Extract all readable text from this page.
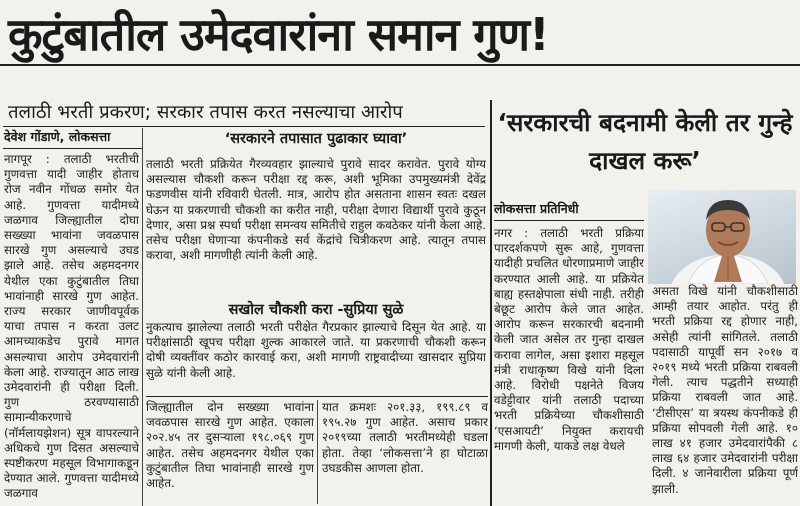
कुटुंबातील उमेदवारांना समान गुण!
तलाठी भरती प्रकरण; सरकार तपास करत नसल्याचा आरोप
देवेश गोंडाणे, लोकसत्ता
नागपूर : तलाठी भरतीची गुणवत्ता यादी जाहीर होताच रोज नवीन गोंधळ समोर येत आहे. गुणवत्ता यादीमध्ये जळगाव जिल्ह्यातील दोघा सख्ख्या भावांना जवळपास सारखे गुण असल्याचे उघड झाले आहे. तसेच अहमदनगर येथील एका कुटुंबातील तिघा भावांनाही सारखे गुण आहेत. राज्य सरकार जाणीवपूर्वक याचा तपास न करता उलट आमच्याकडेच पुरावे मागत असल्याचा आरोप उमेदवारांनी केला आहे. राज्यातून आठ लाख उमेदवारांनी ही परीक्षा दिली. गुण ठरवण्यासाठी सामान्यीकरणाचे (नॉर्मलायझेशन) सूत्र वापरल्याने अधिकचे गुण दिसत असल्याचे स्पष्टीकरण महसूल विभागाकडून देण्यात आले. गुणवत्ता यादीमध्ये जळगाव
‘सरकारने तपासात पुढाकार घ्यावा’
तलाठी भरती प्रक्रियेत गैरव्यवहार झाल्याचे पुरावे सादर करावेत. पुरावे योग्य असल्यास चौकशी करून परीक्षा रद्द करू, अशी भूमिका उपमुख्यमंत्री देवेंद्र फडणवीस यांनी रविवारी घेतली. मात्र, आरोप होत असताना शासन स्वतः दखल घेऊन या प्रकरणाची चौकशी का करीत नाही, परीक्षा देणारा विद्यार्थी पुरावे कुठून देणार, असा प्रश्न स्पर्धा परीक्षा समन्वय समितीचे राहुल कवठेकर यांनी केला आहे. तसेच परीक्षा घेणाऱ्या कंपनीकडे सर्व केंद्रांचे चित्रीकरण आहे. त्यातून तपास करावा, अशी मागणीही त्यांनी केली आहे.
सखोल चौकशी करा -सुप्रिया सुळे
नुकत्याच झालेल्या तलाठी भरती परीक्षेत गैरप्रकार झाल्याचे दिसून येत आहे. या परीक्षांसाठी खूपच परीक्षा शुल्क आकारले जाते. या प्रकरणाची चौकशी करून दोषी व्यक्तींवर कठोर कारवाई करा, अशी मागणी राष्ट्रवादीच्या खासदार सुप्रिया सुळे यांनी केली आहे.
जिल्ह्यातील दोन सख्ख्या भावांना जवळपास सारखे गुण आहेत. एकाला २०२.४५ तर दुसऱ्याला १९८.०६९ गुण आहेत. तसेच अहमदनगर येथील एका कुटुंबातील तिघा भावांनाही सारखे गुण आहेत.
यात क्रमशः २०१.३३, १९९.८९ व १९५.२७ गुण आहेत. असाच प्रकार २०१९च्या तलाठी भरतीमध्येही घडला होता. तेव्हा ‘लोकसत्ता’ने हा घोटाळा उघडकीस आणला होता.
‘सरकारची बदनामी केली तर गुन्हे दाखल करू’
लोकसत्ता प्रतिनिधी
नगर : तलाठी भरती प्रक्रिया पारदर्शकपणे सुरू आहे, गुणवत्ता यादीही प्रचलित धोरणाप्रमाणे जाहीर करण्यात आली आहे. या प्रक्रियेत बाह्य हस्तक्षेपाला संधी नाही. तरीही बेछूट आरोप केले जात आहेत. आरोप करून सरकारची बदनामी केली जात असेल तर गुन्हा दाखल करावा लागेल, असा इशारा महसूल मंत्री राधाकृष्ण विखे यांनी दिला आहे. विरोधी पक्षनेते विजय वडेट्टीवार यांनी तलाठी पदाच्या भरती प्रक्रियेच्या चौकशीसाठी ‘एसआयटी’ नियुक्त करायची मागणी केली, याकडे लक्ष वेधले
असता विखे यांनी चौकशीसाठी आम्ही तयार आहोत. परंतु ही भरती प्रक्रिया रद्द होणार नाही, असेही त्यांनी सांगितले. तलाठी पदासाठी यापूर्वी सन २०१७ व २०१९ मध्ये भरती प्रक्रिया राबवली गेली. त्याच पद्धतीने सध्याही प्रक्रिया राबवली जात आहे. ‘टीसीएस’ या त्रयस्थ कंपनीकडे ही प्रक्रिया सोपवली गेली आहे. १० लाख ४१ हजार उमेदवारांपैकी ८ लाख ६४ हजार उमेदवारांनी परीक्षा दिली. ४ जानेवारीला प्रक्रिया पूर्ण झाली.
